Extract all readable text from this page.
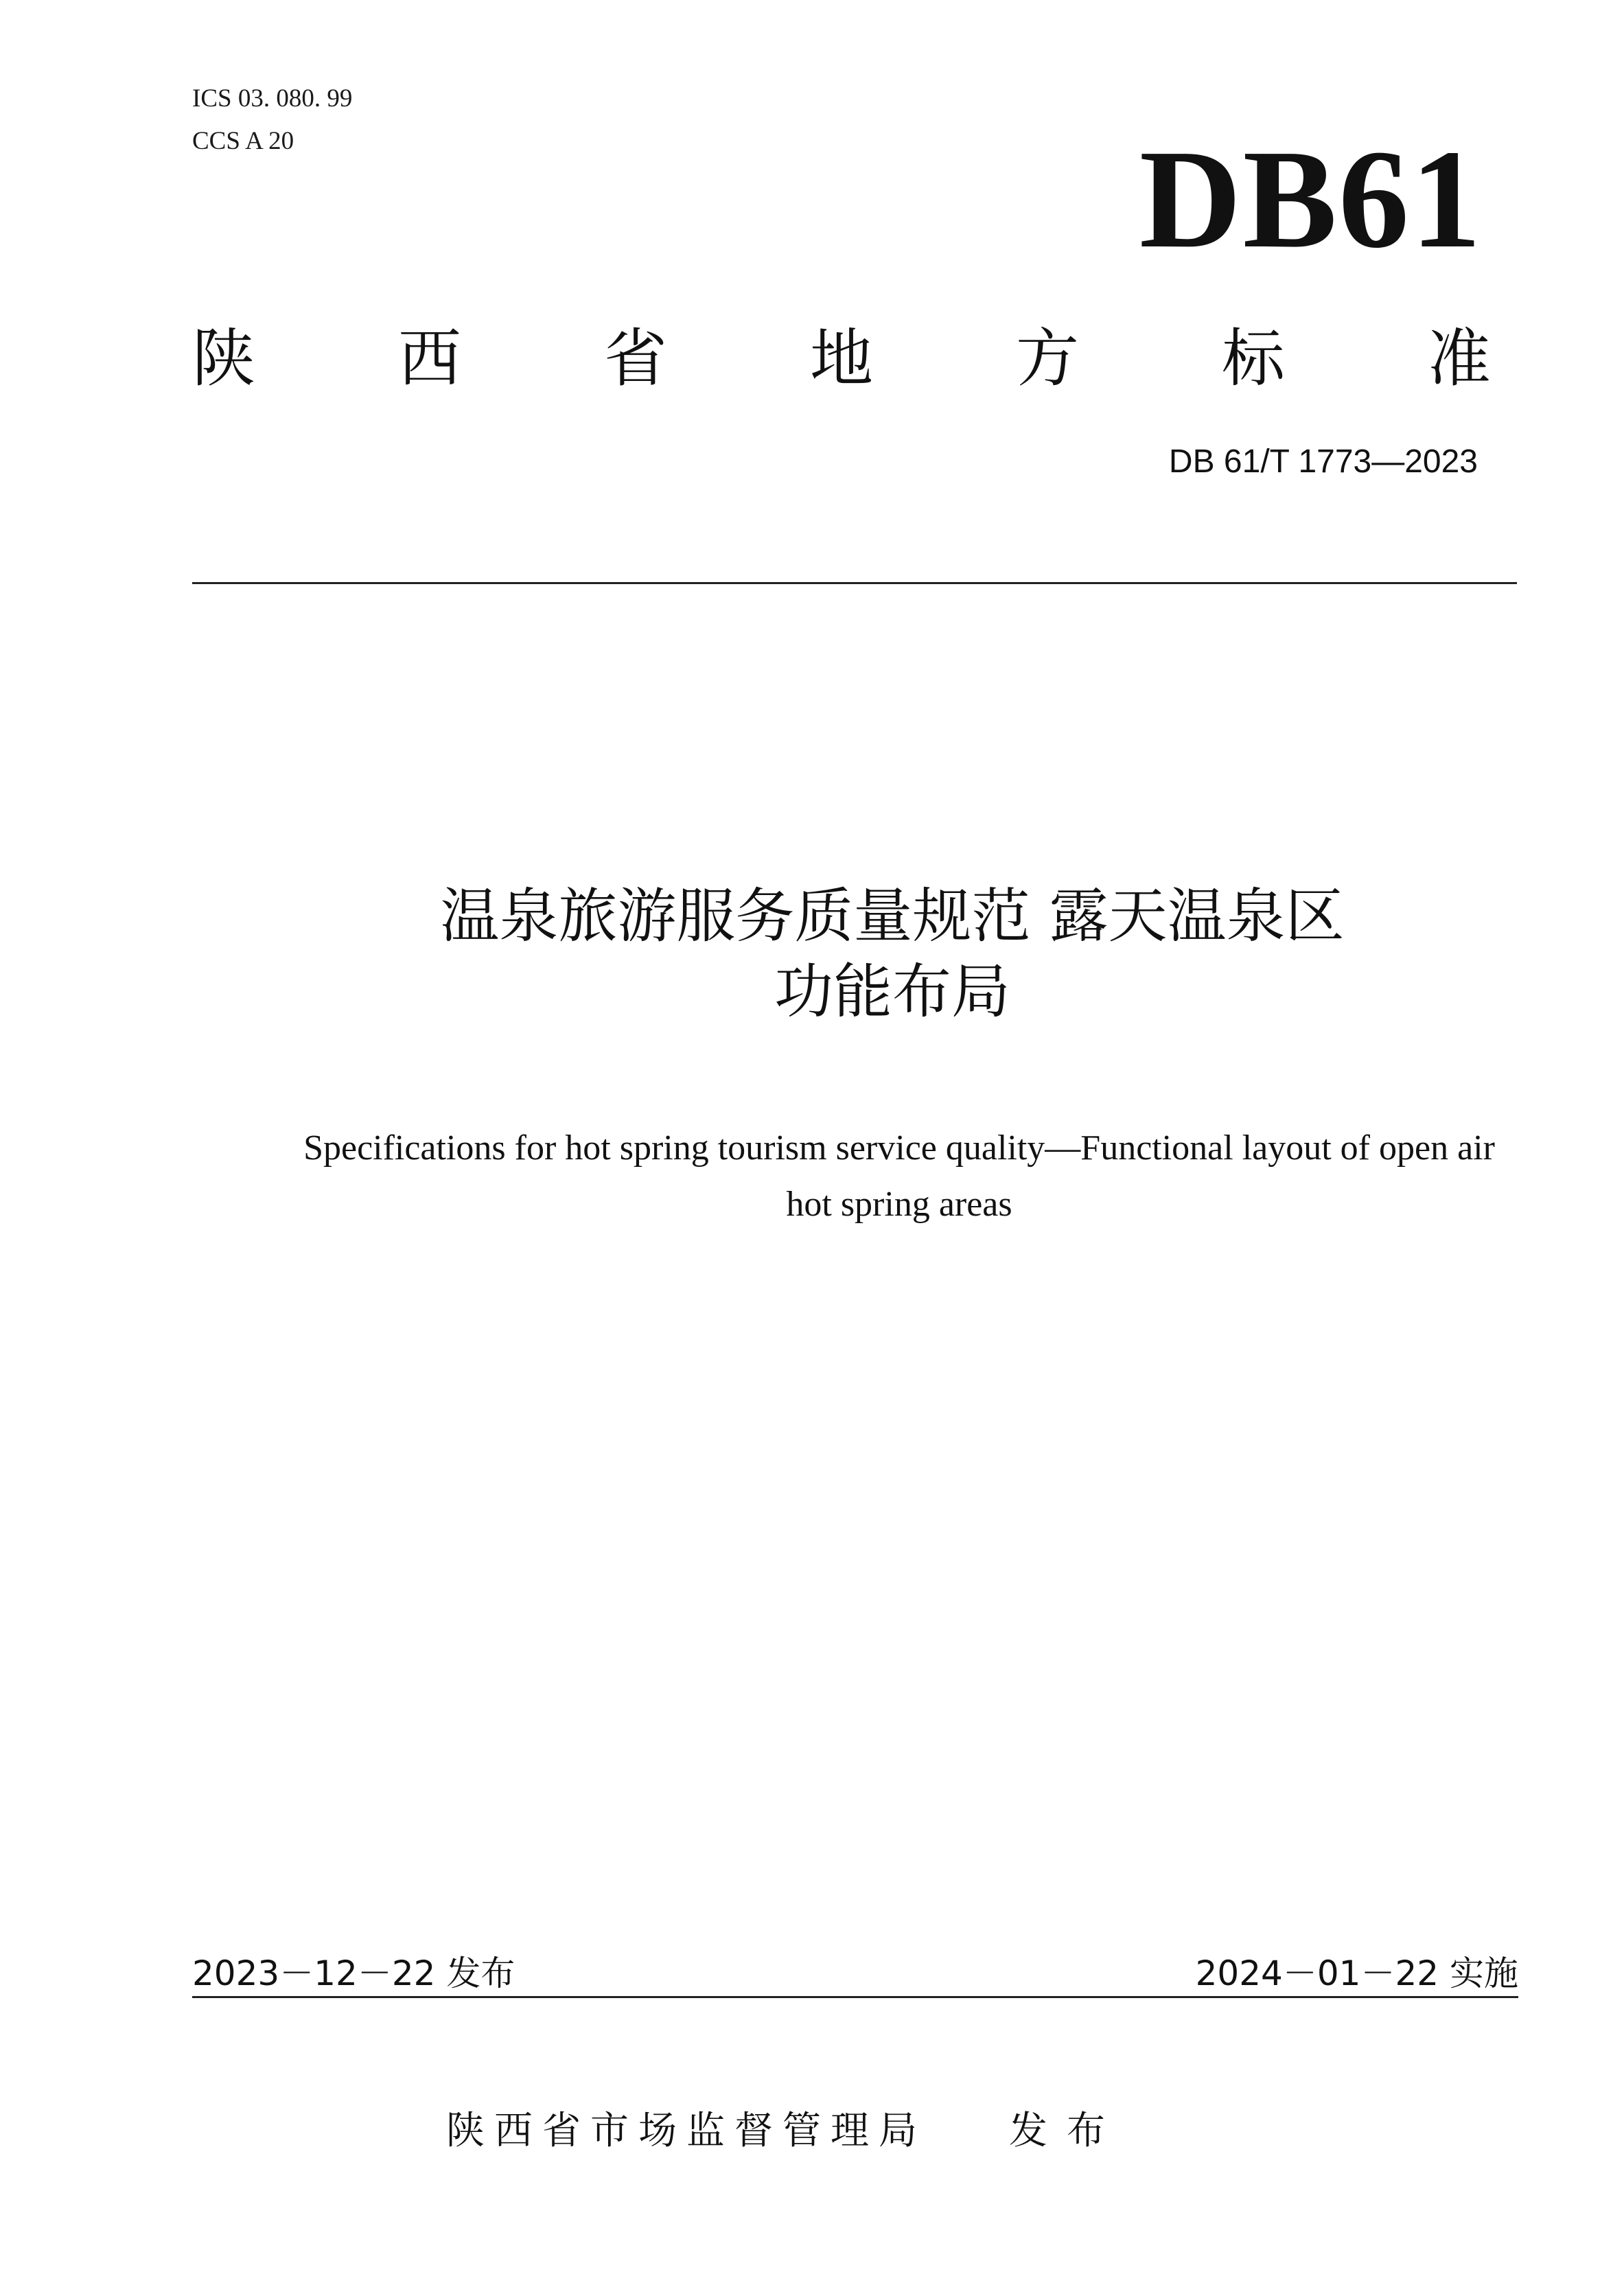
ICS 03. 080. 99
CCS A 20	DB61
陕 西 省 地 方 标 准
DB 61/T 1773—2023
温泉旅游服务质量规范 露天温泉区
功能布局
Specifications for hot spring tourism service quality—Functional layout of open air
hot spring areas
2023－12－22 发布	2024－01－22 实施
陕西省市场监督管理局 发布
